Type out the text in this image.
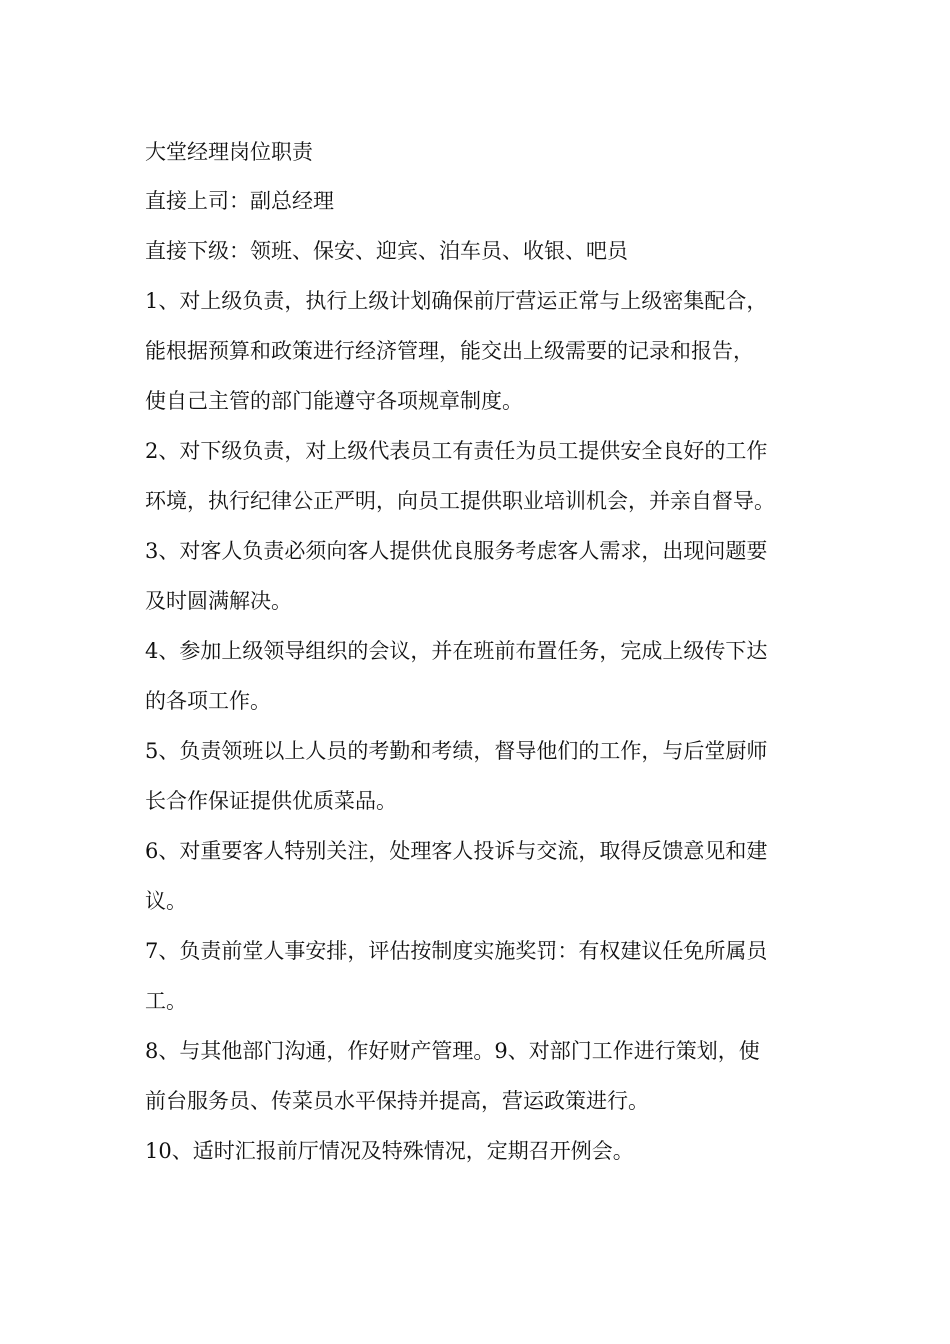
大堂经理岗位职责
直接上司：副总经理
直接下级：领班、保安、迎宾、泊车员、收银、吧员
1、对上级负责，执行上级计划确保前厅营运正常与上级密集配合，
能根据预算和政策进行经济管理，能交出上级需要的记录和报告，
使自己主管的部门能遵守各项规章制度。
2、对下级负责，对上级代表员工有责任为员工提供安全良好的工作
环境，执行纪律公正严明，向员工提供职业培训机会，并亲自督导。
3、对客人负责必须向客人提供优良服务考虑客人需求，出现问题要
及时圆满解决。
4、参加上级领导组织的会议，并在班前布置任务，完成上级传下达
的各项工作。
5、负责领班以上人员的考勤和考绩，督导他们的工作，与后堂厨师
长合作保证提供优质菜品。
6、对重要客人特别关注，处理客人投诉与交流，取得反馈意见和建
议。
7、负责前堂人事安排，评估按制度实施奖罚：有权建议任免所属员
工。
8、与其他部门沟通，作好财产管理。9、对部门工作进行策划，使
前台服务员、传菜员水平保持并提高，营运政策进行。
10、适时汇报前厅情况及特殊情况，定期召开例会。
